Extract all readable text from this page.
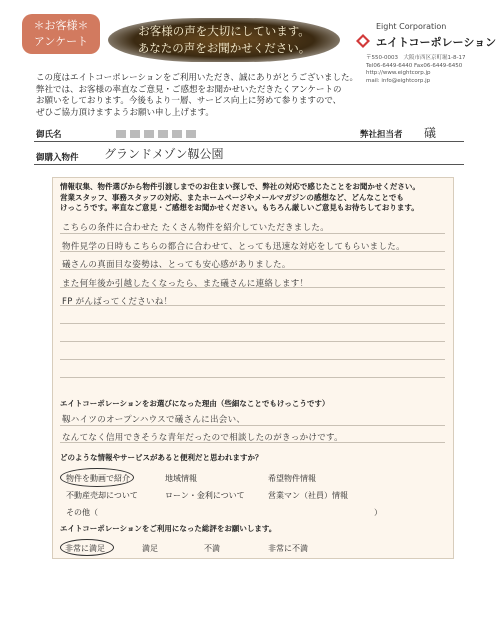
＊お客様＊
アンケート
お客様の声を大切にしています。
あなたの声をお聞かせください。
Eight Corporation
エイトコーポレーション
〒550-0003　大阪市西区京町堀1-8-17
Tel06-6449-6440 Fax06-6449-6450
http://www.eightcorp.jp
mail: info@eightcorp.jp
この度はエイトコーポレーションをご利用いただき、誠にありがとうございました。
弊社では、お客様の率直なご意見・ご感想をお聞かせいただきたくアンケートの
お願いをしております。今後もより一層、サービス向上に努めて参りますので、
ぜひご協力頂けますようお願い申し上げます。
御氏名	弊社担当者 礒
御購入物件 グランドメゾン靱公園
情報収集、物件選びから物件引渡しまでのお住まい探しで、弊社の対応で感じたことをお聞かせください。
営業スタッフ、事務スタッフの対応、またホームページやメールマガジンの感想など、どんなことでも
けっこうです。率直なご意見・ご感想をお聞かせください。もちろん厳しいご意見もお待ちしております。
こちらの条件に合わせた たくさん物件を紹介していただきました。
物件見学の日時もこちらの都合に合わせて、とっても迅速な対応をしてもらいました。
礒さんの真面目な姿勢は、とっても安心感がありました。
また何年後か引越したくなったら、また礒さんに連絡します！
FP がんばってくださいね！
エイトコーポレーションをお選びになった理由（些細なことでもけっこうです）
靱ハイツのオープンハウスで礒さんに出会い、
なんてなく信用できそうな青年だったので相談したのがきっかけです。
どのような情報やサービスがあると便利だと思われますか？
物件を動画で紹介	地域情報	希望物件情報
不動産売却について	ローン・金利について	営業マン（社員）情報
その他（	）
エイトコーポレーションをご利用になった総評をお願いします。
非常に満足	満足	不満	非常に不満
